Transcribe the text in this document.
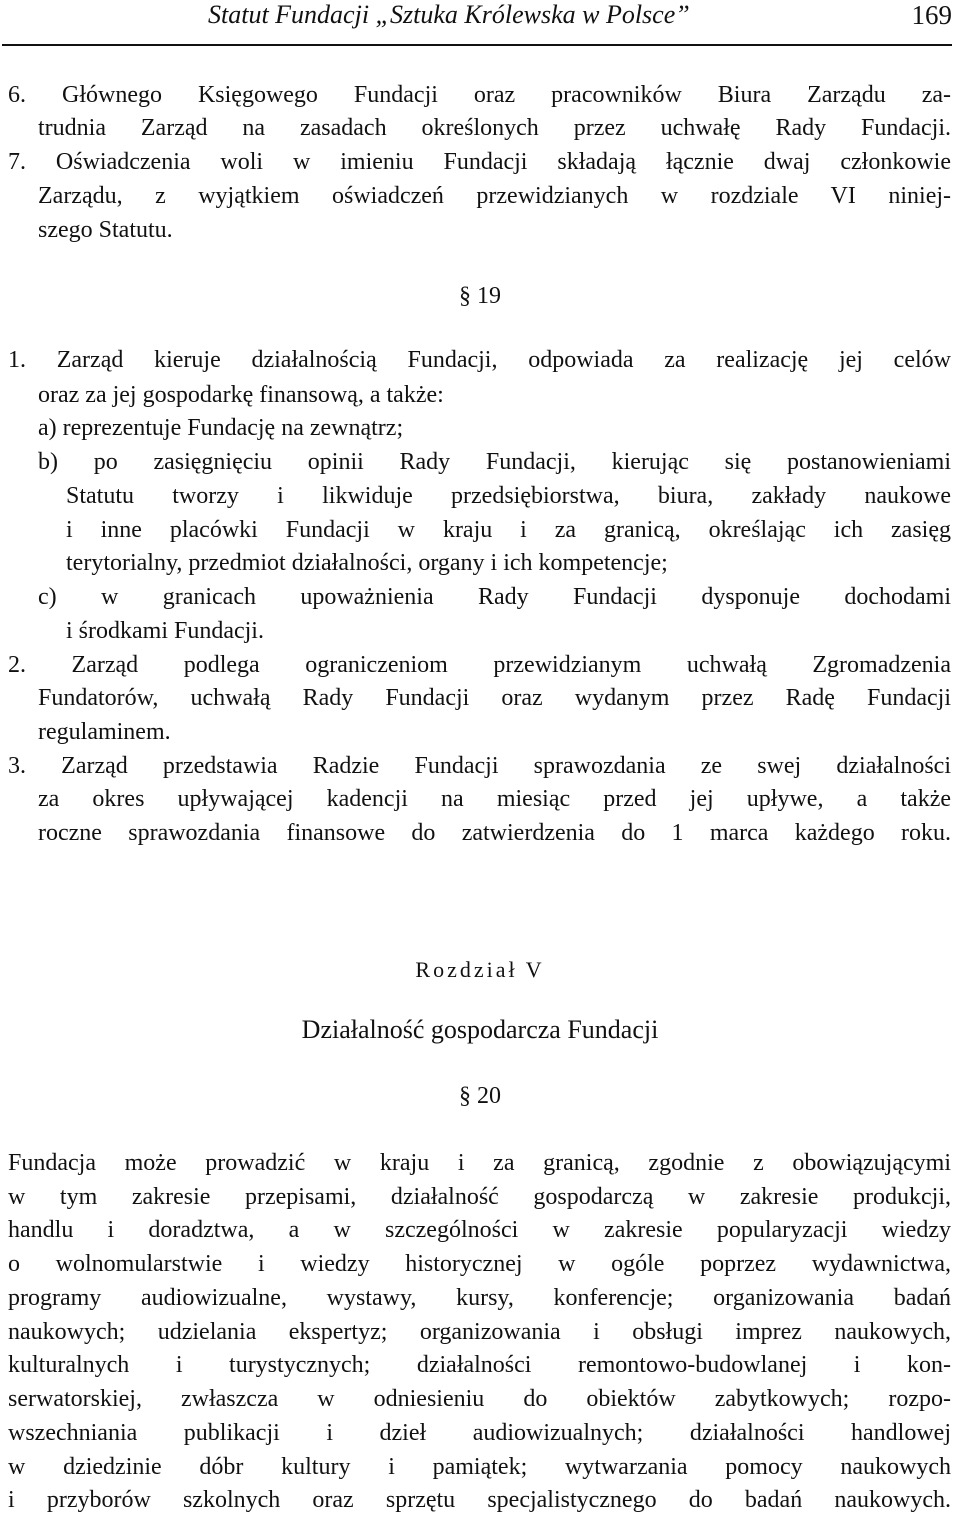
Statut Fundacji „Sztuka Królewska w Polsce”	169
6. Głównego Księgowego Fundacji oraz pracowników Biura Zarządu za-
trudnia Zarząd na zasadach określonych przez uchwałę Rady Fundacji.
7. Oświadczenia woli w imieniu Fundacji składają łącznie dwaj członkowie
Zarządu, z wyjątkiem oświadczeń przewidzianych w rozdziale VI niniej-
szego Statutu.
§ 19
1. Zarząd kieruje działalnością Fundacji, odpowiada za realizację jej celów
oraz za jej gospodarkę finansową, a także:
a) reprezentuje Fundację na zewnątrz;
b) po zasięgnięciu opinii Rady Fundacji, kierując się postanowieniami
Statutu tworzy i likwiduje przedsiębiorstwa, biura, zakłady naukowe
i inne placówki Fundacji w kraju i za granicą, określając ich zasięg
terytorialny, przedmiot działalności, organy i ich kompetencje;
c) w granicach upoważnienia Rady Fundacji dysponuje dochodami
i środkami Fundacji.
2. Zarząd podlega ograniczeniom przewidzianym uchwałą Zgromadzenia
Fundatorów, uchwałą Rady Fundacji oraz wydanym przez Radę Fundacji
regulaminem.
3. Zarząd przedstawia Radzie Fundacji sprawozdania ze swej działalności
za okres upływającej kadencji na miesiąc przed jej upływe, a także
roczne sprawozdania finansowe do zatwierdzenia do 1 marca każdego roku.
Rozdział V
Działalność gospodarcza Fundacji
§ 20
Fundacja może prowadzić w kraju i za granicą, zgodnie z obowiązującymi
w tym zakresie przepisami, działalność gospodarczą w zakresie produkcji,
handlu i doradztwa, a w szczególności w zakresie popularyzacji wiedzy
o wolnomularstwie i wiedzy historycznej w ogóle poprzez wydawnictwa,
programy audiowizualne, wystawy, kursy, konferencje; organizowania badań
naukowych; udzielania ekspertyz; organizowania i obsługi imprez naukowych,
kulturalnych i turystycznych; działalności remontowo-budowlanej i kon-
serwatorskiej, zwłaszcza w odniesieniu do obiektów zabytkowych; rozpo-
wszechniania publikacji i dzieł audiowizualnych; działalności handlowej
w dziedzinie dóbr kultury i pamiątek; wytwarzania pomocy naukowych
i przyborów szkolnych oraz sprzętu specjalistycznego do badań naukowych.
